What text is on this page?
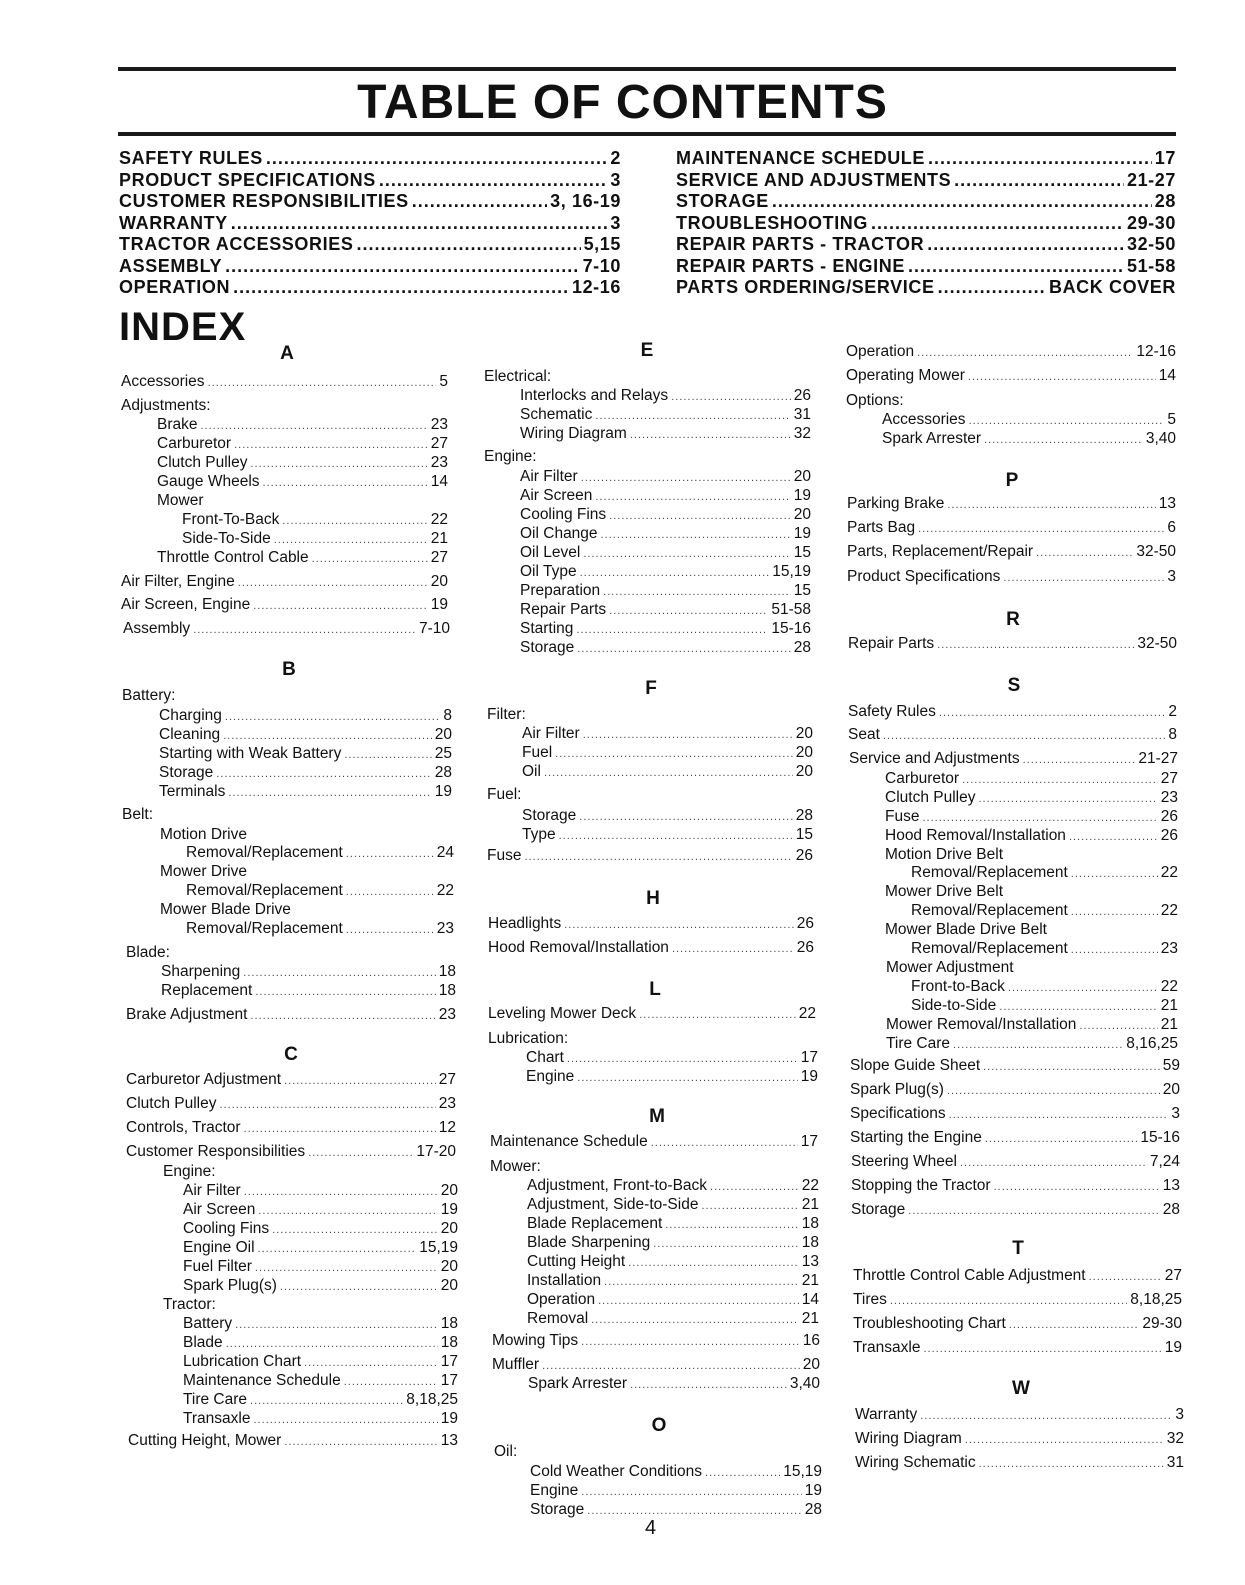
TABLE OF CONTENTS
SAFETY RULES .....	2
PRODUCT SPECIFICATIONS .....	3
CUSTOMER RESPONSIBILITIES .....	3, 16-19
WARRANTY .....	3
TRACTOR ACCESSORIES .....	5,15
ASSEMBLY .....	7-10
OPERATION .....	12-16
MAINTENANCE SCHEDULE .....	17
SERVICE AND ADJUSTMENTS .....	21-27
STORAGE .....	28
TROUBLESHOOTING .....	29-30
REPAIR PARTS - TRACTOR .....	32-50
REPAIR PARTS - ENGINE .....	51-58
PARTS ORDERING/SERVICE .....	BACK COVER
INDEX
A
Accessories .....	5
Adjustments:
Brake .....	23
Carburetor .....	27
Clutch Pulley .....	23
Gauge Wheels .....	14
Mower
Front-To-Back .....	22
Side-To-Side .....	21
Throttle Control Cable .....	27
Air Filter, Engine .....	20
Air Screen, Engine .....	19
Assembly .....	7-10
B
Battery:
Charging .....	8
Cleaning .....	20
Starting with Weak Battery .....	25
Storage .....	28
Terminals .....	19
Belt:
Motion Drive
Removal/Replacement .....	24
Mower Drive
Removal/Replacement .....	22
Mower Blade Drive
Removal/Replacement .....	23
Blade:
Sharpening .....	18
Replacement .....	18
Brake Adjustment .....	23
C
Carburetor Adjustment .....	27
Clutch Pulley .....	23
Controls, Tractor .....	12
Customer Responsibilities .....	17-20
Engine:
Air Filter .....	20
Air Screen .....	19
Cooling Fins .....	20
Engine Oil .....	15,19
Fuel Filter .....	20
Spark Plug(s) .....	20
Tractor:
Battery .....	18
Blade .....	18
Lubrication Chart .....	17
Maintenance Schedule .....	17
Tire Care .....	8,18,25
Transaxle .....	19
Cutting Height, Mower .....	13
E
Electrical:
Interlocks and Relays .....	26
Schematic .....	31
Wiring Diagram .....	32
Engine:
Air Filter .....	20
Air Screen .....	19
Cooling Fins .....	20
Oil Change .....	19
Oil Level .....	15
Oil Type .....	15,19
Preparation .....	15
Repair Parts .....	51-58
Starting .....	15-16
Storage .....	28
F
Filter:
Air Filter .....	20
Fuel .....	20
Oil .....	20
Fuel:
Storage .....	28
Type .....	15
Fuse .....	26
H
Headlights .....	26
Hood Removal/Installation .....	26
L
Leveling Mower Deck .....	22
Lubrication:
Chart .....	17
Engine .....	19
M
Maintenance Schedule .....	17
Mower:
Adjustment, Front-to-Back .....	22
Adjustment, Side-to-Side .....	21
Blade Replacement .....	18
Blade Sharpening .....	18
Cutting Height .....	13
Installation .....	21
Operation .....	14
Removal .....	21
Mowing Tips .....	16
Muffler .....	20
Spark Arrester .....	3,40
O
Oil:
Cold Weather Conditions .....	15,19
Engine .....	19
Storage .....	28
Operation .....	12-16
Operating Mower .....	14
Options:
Accessories .....	5
Spark Arrester .....	3,40
P
Parking Brake .....	13
Parts Bag .....	6
Parts, Replacement/Repair .....	32-50
Product Specifications .....	3
R
Repair Parts .....	32-50
S
Safety Rules .....	2
Seat .....	8
Service and Adjustments .....	21-27
Carburetor .....	27
Clutch Pulley .....	23
Fuse .....	26
Hood Removal/Installation .....	26
Motion Drive Belt
Removal/Replacement .....	22
Mower Drive Belt
Removal/Replacement .....	22
Mower Blade Drive Belt
Removal/Replacement .....	23
Mower Adjustment
Front-to-Back .....	22
Side-to-Side .....	21
Mower Removal/Installation .....	21
Tire Care .....	8,16,25
Slope Guide Sheet .....	59
Spark Plug(s) .....	20
Specifications .....	3
Starting the Engine .....	15-16
Steering Wheel .....	7,24
Stopping the Tractor .....	13
Storage .....	28
T
Throttle Control Cable Adjustment .....	27
Tires .....	8,18,25
Troubleshooting Chart .....	29-30
Transaxle .....	19
W
Warranty .....	3
Wiring Diagram .....	32
Wiring Schematic .....	31

4
